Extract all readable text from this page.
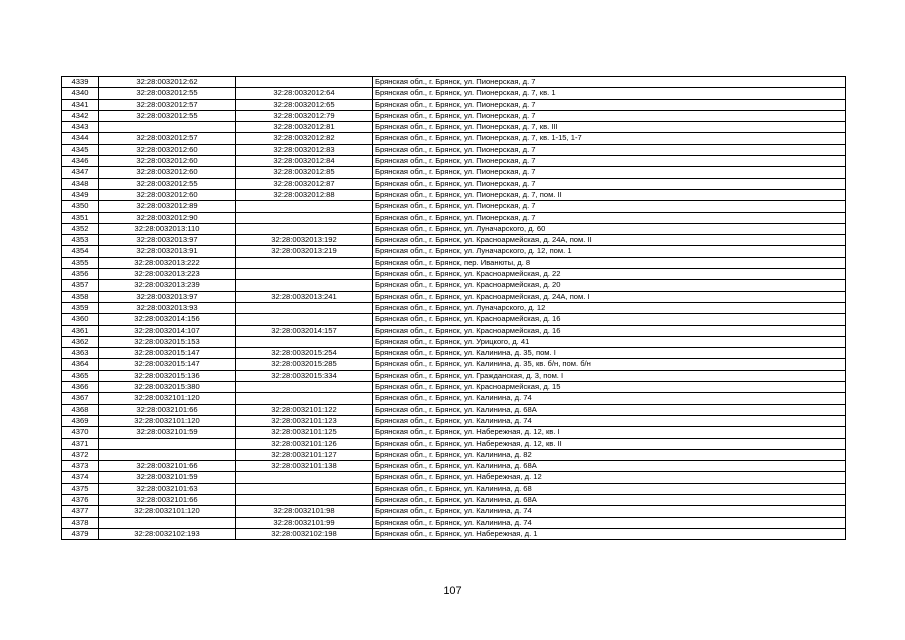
4339	32:28:0032012:62		Брянская обл., г. Брянск, ул. Пионерская, д. 7
4340	32:28:0032012:55	32:28:0032012:64	Брянская обл., г. Брянск, ул. Пионерская, д. 7, кв. 1
4341	32:28:0032012:57	32:28:0032012:65	Брянская обл., г. Брянск, ул. Пионерская, д. 7
4342	32:28:0032012:55	32:28:0032012:79	Брянская обл., г. Брянск, ул. Пионерская, д. 7
4343		32:28:0032012:81	Брянская обл., г. Брянск, ул. Пионерская, д. 7, кв. III
4344	32:28:0032012:57	32:28:0032012:82	Брянская обл., г. Брянск, ул. Пионерская, д. 7, кв. 1-15, 1-7
4345	32:28:0032012:60	32:28:0032012:83	Брянская обл., г. Брянск, ул. Пионерская, д. 7
4346	32:28:0032012:60	32:28:0032012:84	Брянская обл., г. Брянск, ул. Пионерская, д. 7
4347	32:28:0032012:60	32:28:0032012:85	Брянская обл., г. Брянск, ул. Пионерская, д. 7
4348	32:28:0032012:55	32:28:0032012:87	Брянская обл., г. Брянск, ул. Пионерская, д. 7
4349	32:28:0032012:60	32:28:0032012:88	Брянская обл., г. Брянск, ул. Пионерская, д. 7, пом. II
4350	32:28:0032012:89		Брянская обл., г. Брянск, ул. Пионерская, д. 7
4351	32:28:0032012:90		Брянская обл., г. Брянск, ул. Пионерская, д. 7
4352	32:28:0032013:110		Брянская обл., г. Брянск, ул. Луначарского, д. 60
4353	32:28:0032013:97	32:28:0032013:192	Брянская обл., г. Брянск, ул. Красноармейская, д. 24А, пом. II
4354	32:28:0032013:91	32:28:0032013:219	Брянская обл., г. Брянск, ул. Луначарского, д. 12, пом. 1
4355	32:28:0032013:222		Брянская обл., г. Брянск, пер. Иванюты, д. 8
4356	32:28:0032013:223		Брянская обл., г. Брянск, ул. Красноармейская, д. 22
4357	32:28:0032013:239		Брянская обл., г. Брянск, ул. Красноармейская, д. 20
4358	32:28:0032013:97	32:28:0032013:241	Брянская обл., г. Брянск, ул. Красноармейская, д. 24А, пом. I
4359	32:28:0032013:93		Брянская обл., г. Брянск, ул. Луначарского, д. 12
4360	32:28:0032014:156		Брянская обл., г. Брянск, ул. Красноармейская, д. 16
4361	32:28:0032014:107	32:28:0032014:157	Брянская обл., г. Брянск, ул. Красноармейская, д. 16
4362	32:28:0032015:153		Брянская обл., г. Брянск, ул. Урицкого, д. 41
4363	32:28:0032015:147	32:28:0032015:254	Брянская обл., г. Брянск, ул. Калинина, д. 35, пом. I
4364	32:28:0032015:147	32:28:0032015:285	Брянская обл., г. Брянск, ул. Калинина, д. 35, кв. б/н, пом. б/н
4365	32:28:0032015:136	32:28:0032015:334	Брянская обл., г. Брянск, ул. Гражданская, д. 3, пом. I
4366	32:28:0032015:380		Брянская обл., г. Брянск, ул. Красноармейская, д. 15
4367	32:28:0032101:120		Брянская обл., г. Брянск, ул. Калинина, д. 74
4368	32:28:0032101:66	32:28:0032101:122	Брянская обл., г. Брянск, ул. Калинина, д. 68А
4369	32:28:0032101:120	32:28:0032101:123	Брянская обл., г. Брянск, ул. Калинина, д. 74
4370	32:28:0032101:59	32:28:0032101:125	Брянская обл., г. Брянск, ул. Набережная, д. 12, кв. I
4371		32:28:0032101:126	Брянская обл., г. Брянск, ул. Набережная, д. 12, кв. II
4372		32:28:0032101:127	Брянская обл., г. Брянск, ул. Калинина, д. 82
4373	32:28:0032101:66	32:28:0032101:138	Брянская обл., г. Брянск, ул. Калинина, д. 68А
4374	32:28:0032101:59		Брянская обл., г. Брянск, ул. Набережная, д. 12
4375	32:28:0032101:63		Брянская обл., г. Брянск, ул. Калинина, д. 68
4376	32:28:0032101:66		Брянская обл., г. Брянск, ул. Калинина, д. 68А
4377	32:28:0032101:120	32:28:0032101:98	Брянская обл., г. Брянск, ул. Калинина, д. 74
4378		32:28:0032101:99	Брянская обл., г. Брянск, ул. Калинина, д. 74
4379	32:28:0032102:193	32:28:0032102:198	Брянская обл., г. Брянск, ул. Набережная, д. 1
107
